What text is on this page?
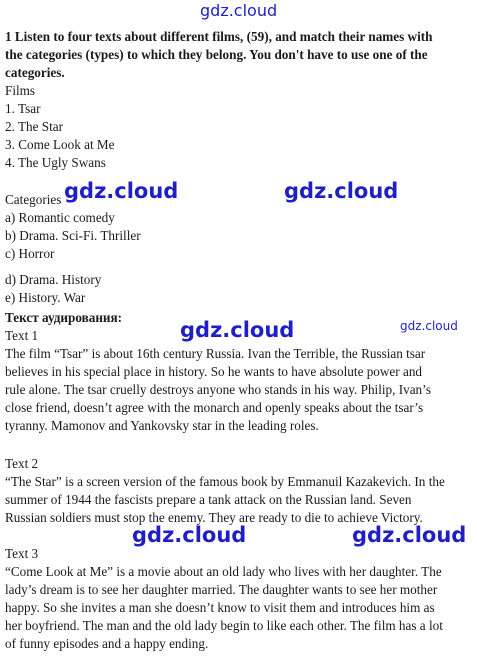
gdz.cloud
gdz.cloud	gdz.cloud
gdz.cloud	gdz.cloud
gdz.cloud	gdz.cloud
1 Listen to four texts about different films, (59), and match their names with
the categories (types) to which they belong. You don't have to use one of the
categories.
Films
1. Tsar
2. The Star
3. Come Look at Me
4. The Ugly Swans
Categories
a) Romantic comedy
b) Drama. Sci-Fi. Thriller
c) Horror
d) Drama. History
e) History. War
Текст аудирования:
Text 1
The film “Tsar” is about 16th century Russia. Ivan the Terrible, the Russian tsar
believes in his special place in history. So he wants to have absolute power and
rule alone. The tsar cruelly destroys anyone who stands in his way. Philip, Ivan’s
close friend, doesn’t agree with the monarch and openly speaks about the tsar’s
tyranny. Mamonov and Yankovsky star in the leading roles.
Text 2
“The Star” is a screen version of the famous book by Emmanuil Kazakevich. In the
summer of 1944 the fascists prepare a tank attack on the Russian land. Seven
Russian soldiers must stop the enemy. They are ready to die to achieve Victory.
Text 3
“Come Look at Me” is a movie about an old lady who lives with her daughter. The
lady’s dream is to see her daughter married. The daughter wants to see her mother
happy. So she invites a man she doesn’t know to visit them and introduces him as
her boyfriend. The man and the old lady begin to like each other. The film has a lot
of funny episodes and a happy ending.
